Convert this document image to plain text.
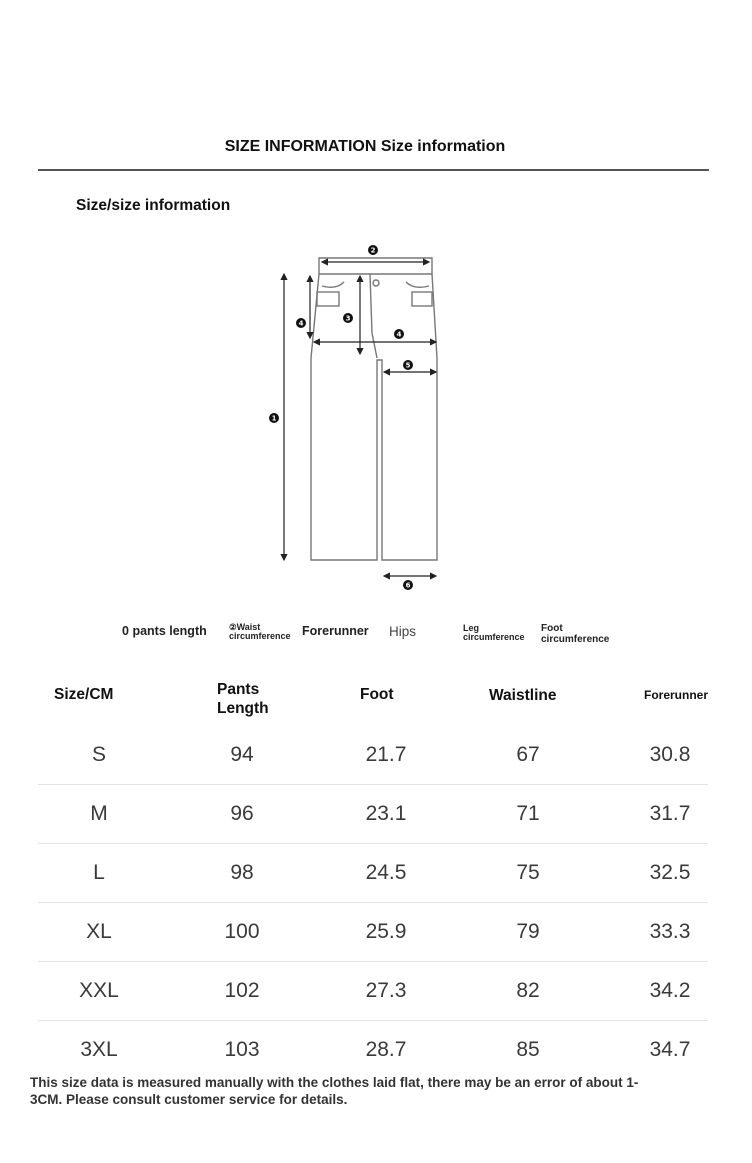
SIZE INFORMATION Size information
Size/size information
1
2
3
4
4
5
6
0 pants length	②Waist
circumference Forerunner Hips	Leg
circumference
Foot
circumference
Size/CM	Pants
Length
Foot	Waistline	Forerunner
S	94	21.7	67	30.8
M	96	23.1	71	31.7
L	98	24.5	75	32.5
XL	100	25.9	79	33.3
XXL	102	27.3	82	34.2
3XL	103	28.7	85	34.7
This size data is measured manually with the clothes laid flat, there may be an error of about 1-3CM. Please consult customer service for details.
